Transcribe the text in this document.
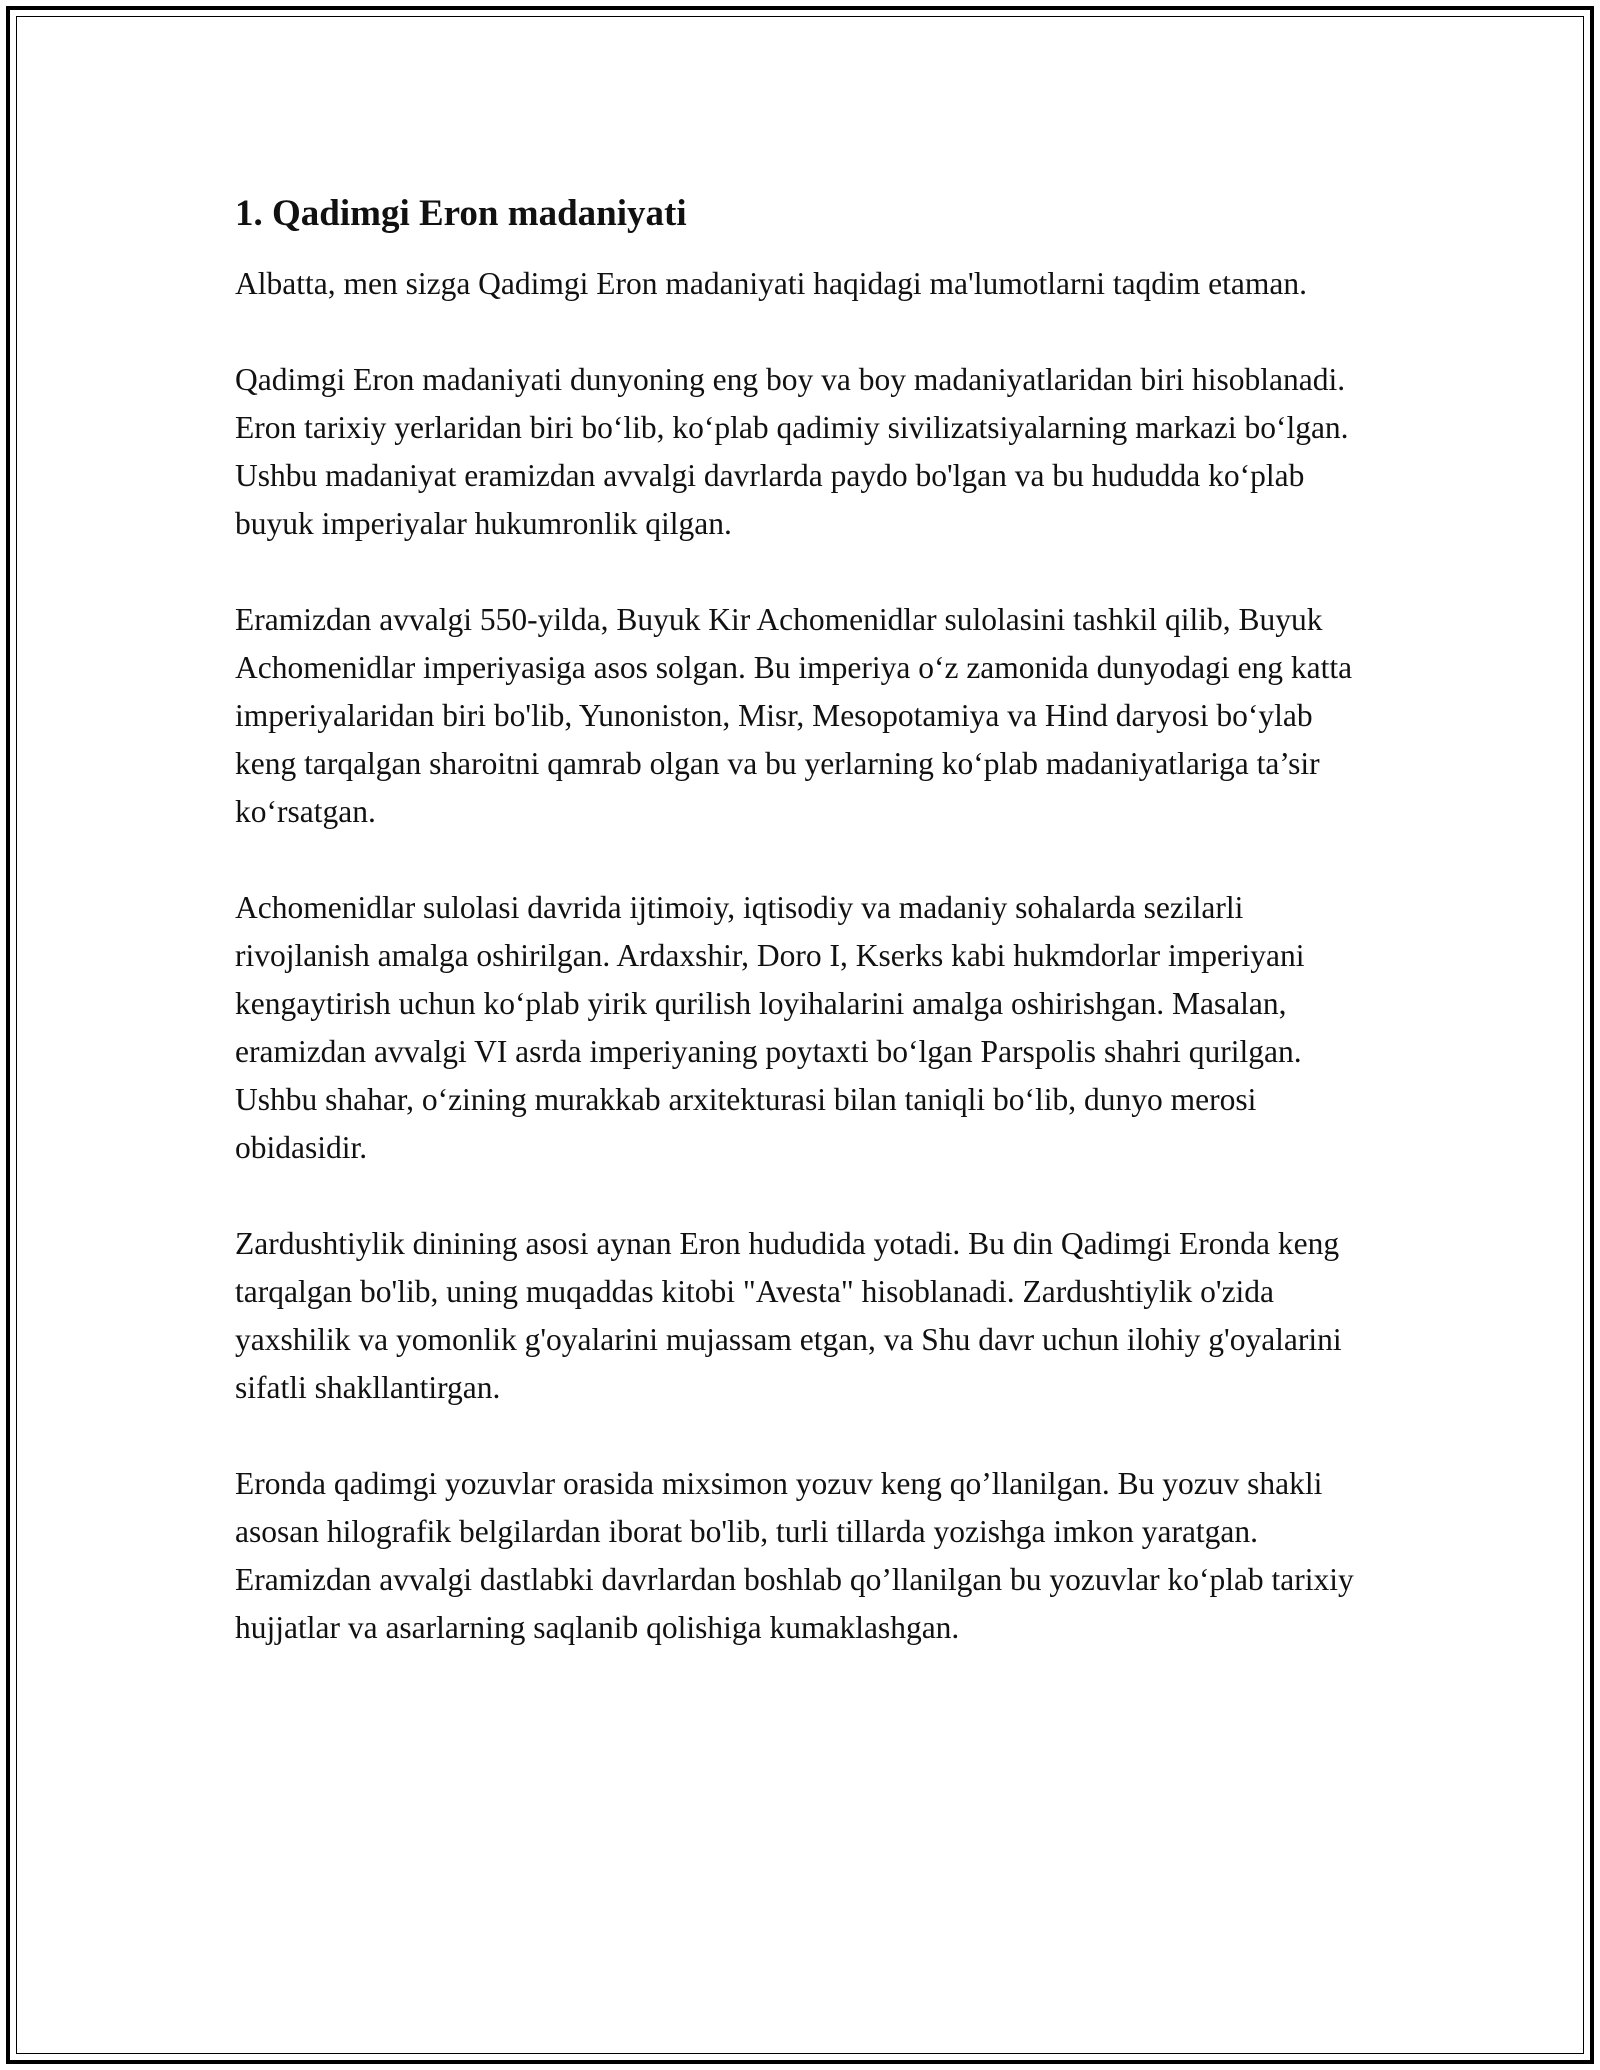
1. Qadimgi Eron madaniyati

Albatta, men sizga Qadimgi Eron madaniyati haqidagi ma'lumotlarni taqdim etaman.

Qadimgi Eron madaniyati dunyoning eng boy va boy madaniyatlaridan biri hisoblanadi. Eron tarixiy yerlaridan biri bo‘lib, ko‘plab qadimiy sivilizatsiyalarning markazi bo‘lgan. Ushbu madaniyat eramizdan avvalgi davrlarda paydo bo'lgan va bu hududda ko‘plab buyuk imperiyalar hukumronlik qilgan.

Eramizdan avvalgi 550-yilda, Buyuk Kir Achomenidlar sulolasini tashkil qilib, Buyuk Achomenidlar imperiyasiga asos solgan. Bu imperiya o‘z zamonida dunyodagi eng katta imperiyalaridan biri bo'lib, Yunoniston, Misr, Mesopotamiya va Hind daryosi bo‘ylab keng tarqalgan sharoitni qamrab olgan va bu yerlarning ko‘plab madaniyatlariga ta’sir ko‘rsatgan.

Achomenidlar sulolasi davrida ijtimoiy, iqtisodiy va madaniy sohalarda sezilarli rivojlanish amalga oshirilgan. Ardaxshir, Doro I, Kserks kabi hukmdorlar imperiyani kengaytirish uchun ko‘plab yirik qurilish loyihalarini amalga oshirishgan. Masalan, eramizdan avvalgi VI asrda imperiyaning poytaxti bo‘lgan Parspolis shahri qurilgan. Ushbu shahar, o‘zining murakkab arxitekturasi bilan taniqli bo‘lib, dunyo merosi obidasidir.

Zardushtiylik dinining asosi aynan Eron hududida yotadi. Bu din Qadimgi Eronda keng tarqalgan bo'lib, uning muqaddas kitobi "Avesta" hisoblanadi. Zardushtiylik o'zida yaxshilik va yomonlik g'oyalarini mujassam etgan, va Shu davr uchun ilohiy g'oyalarini sifatli shakllantirgan.

Eronda qadimgi yozuvlar orasida mixsimon yozuv keng qo’llanilgan. Bu yozuv shakli asosan hilografik belgilardan iborat bo'lib, turli tillarda yozishga imkon yaratgan. Eramizdan avvalgi dastlabki davrlardan boshlab qo’llanilgan bu yozuvlar ko‘plab tarixiy hujjatlar va asarlarning saqlanib qolishiga kumaklashgan.
